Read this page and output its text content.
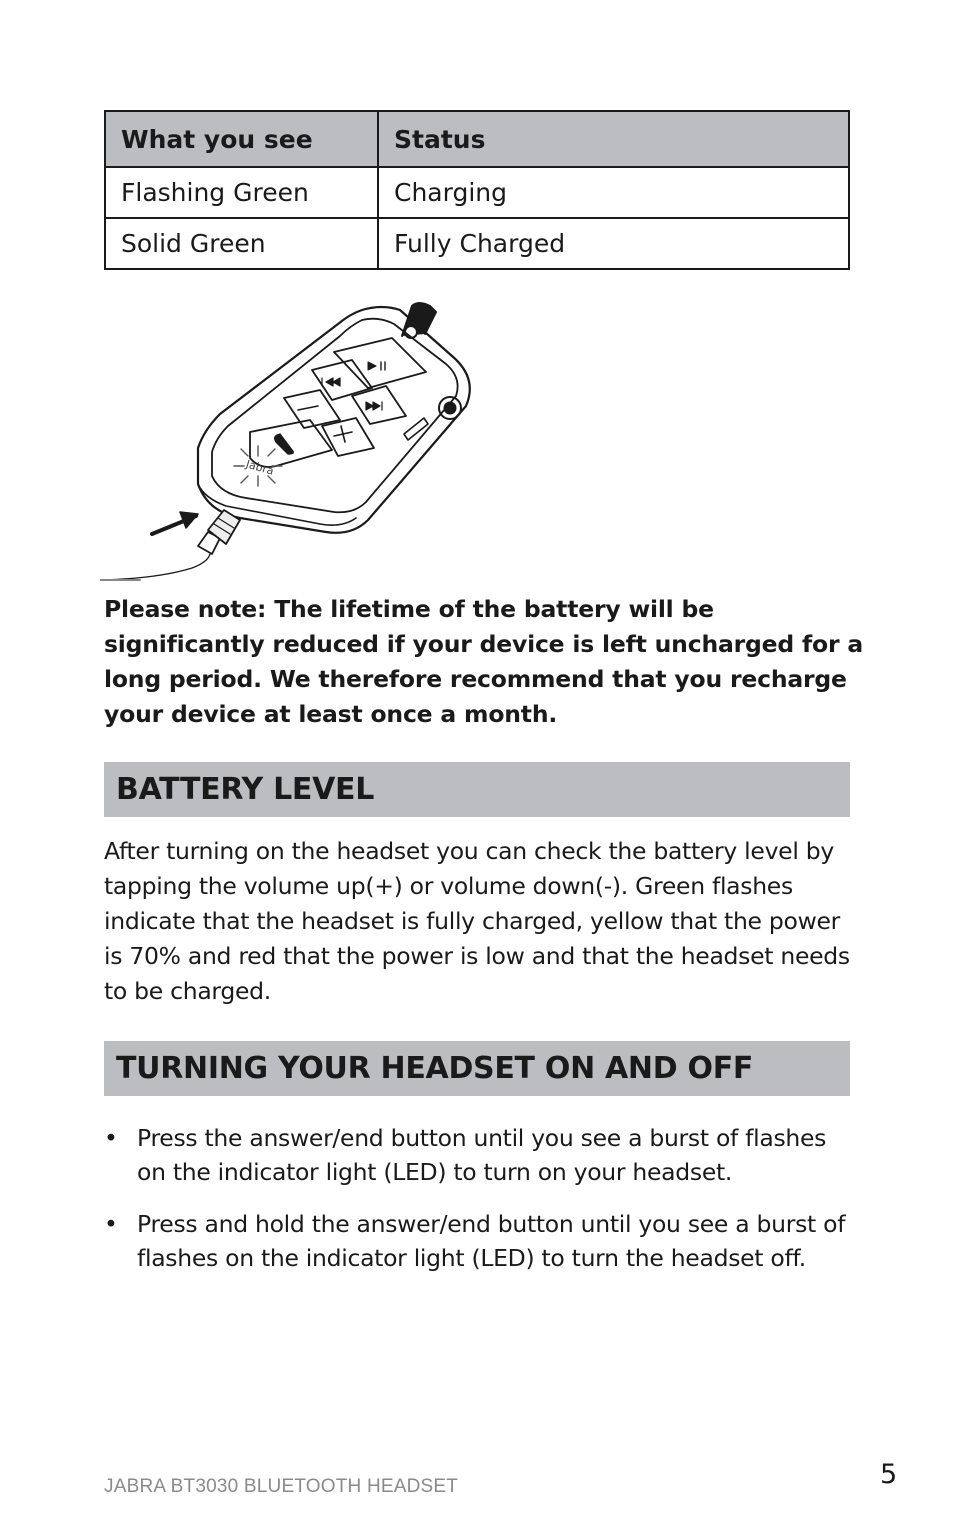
What you see	Status
Flashing Green	Charging
Solid Green	Fully Charged
Jabra

Please note: The lifetime of the battery will be significantly reduced if your device is left uncharged for a long period. We therefore recommend that you recharge your device at least once a month.

BATTERY LEVEL

After turning on the headset you can check the battery level by tapping the volume up(+) or volume down(-). Green flashes indicate that the headset is fully charged, yellow that the power is 70% and red that the power is low and that the headset needs to be charged.

TURNING YOUR HEADSET ON AND OFF
• Press the answer/end button until you see a burst of flashes on the indicator light (LED) to turn on your headset.
• Press and hold the answer/end button until you see a burst of flashes on the indicator light (LED) to turn the headset off.
JABRA BT3030 BLUETOOTH HEADSET	5
